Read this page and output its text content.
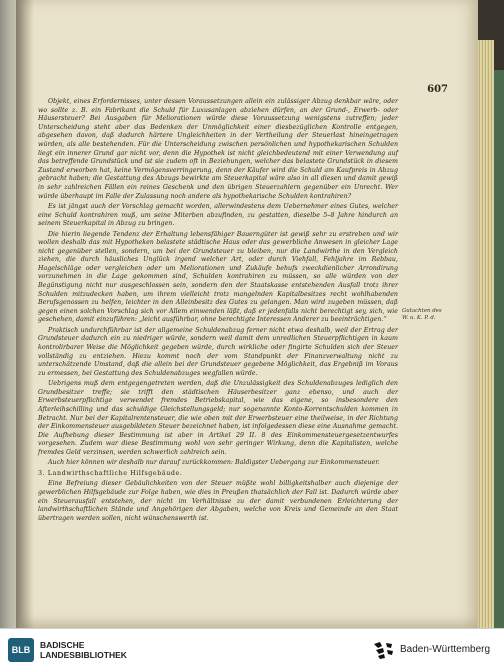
607

Objekt, eines Erfordernisses, unter dessen Voraussetzungen allein ein zulässiger Abzug denkbar wäre, oder wo sollte z. B. ein Fabrikant die Schuld für Luxusanlagen abziehen dürfen, an der Grund-, Erwerb- oder Häusersteuer? Bei Ausgaben für Meliorationen würde diese Voraussetzung wenigstens zutreffen; jeder Unterscheidung steht aber das Bedenken der Unmöglichkeit einer diesbezüglichen Kontrolle entgegen, abgesehen davon, daß dadurch härtere Ungleichheiten in der Vertheilung der Steuerlast hineingetragen würden, als alle bestehenden. Für die Unterscheidung zwischen persönlichen und hypothekarischen Schulden liegt ein innerer Grund gar nicht vor, denn die Hypothek ist nicht gleichbedeutend mit einer Verwendung auf das betreffende Grundstück und ist sie zudem oft in Beziehungen, welcher das belastete Grundstück in diesem Zustand erworben hat, keine Vermögensverringerung, denn der Käufer wird die Schuld am Kaufpreis in Abzug gebracht haben; die Gestattung des Abzugs bewirkte am Steuerkapital wäre also in all diesen und damit gewiß in sehr zahlreichen Fällen ein reines Geschenk und den übrigen Steuerzahlern gegenüber ein Unrecht. Wer würde überhaupt im Falle der Zulassung noch andere als hypothekarische Schulden kontrahiren?

Es ist jängst auch der Vorschlag gemacht worden, allerwindestens dem Uebernehmer eines Gutes, welcher eine Schuld kontrahiren muß, um seine Miterben abzufinden, zu gestatten, dieselbe 5–8 Jahre hindurch an seinem Steuerkapital in Abzug zu bringen.

Die hierin liegende Tendenz der Erhaltung lebensfähiger Bauerngüter ist gewiß sehr zu erstreben und wir wollen deshalb das mit Hypotheken belastete städtische Haus oder das gewerbliche Anwesen in gleicher Lage nicht gegenüber stellen, sondern, um bei der Grundsteuer zu bleiben, nur die Landwirthe in den Vergleich ziehen, die durch häusliches Unglück irgend welcher Art, oder durch Viehfall, Fehljahre im Rebbau, Hagelschläge oder vergleichen oder um Meliorationen und Zukäufe behufs zweckdienlicher Arrondirung vorzunehmen in die Lage gekommen sind, Schulden kontrahiren zu müssen, so alle würden von der Begünstigung nicht nur ausgeschlossen sein, sondern den der Staatskasse entstehenden Ausfall trotz ihrer Schulden mitzudecken haben, um ihrem vielleicht trotz mangelnden Kapitalbesitzes recht wohlhabenden Berufsgenossen zu helfen, leichter in den Alleinbesitz des Gutes zu gelangen. Man wird zugeben müssen, daß gegen einen solchen Vorschlag sich vor Allem einwenden läßt, daß er jedenfalls nicht berechtigt sey, sich, wie geschehen, damit einzuführen: „leicht ausführbar, ohne berechtigte Interessen Anderer zu beeinträchtigen.“

Praktisch undurchführbar ist der allgemeine Schuldenabzug ferner nicht etwa deshalb, weil der Ertrag der Grundsteuer dadurch ein zu niedriger würde, sondern weil damit dem unredlichen Steuerpflichtigen in kaum kontrolirbarer Weise die Möglichkeit gegeben würde, durch wirkliche oder fingirte Schulden sich der Steuer vollständig zu entziehen. Hiezu kommt noch der vom Standpunkt der Finanzverwaltung nicht zu unterschätzende Umstand, daß die allein bei der Grundsteuer gegebene Möglichkeit, das Ergebniß im Voraus zu ermessen, bei Gestattung des Schuldenabzuges wegfallen würde.

Uebrigens muß dem entgegengetreten werden, daß die Unzulässigkeit des Schuldenabzuges lediglich den Grundbesitzer treffe; sie trifft den städtischen Häuserbesitzer ganz ebenso, und auch der Erwerbsteuerpflichtige verwendet fremdes Betriebskapital, wie das eigene, so insbesondere den Afterleihschilling und das schuldige Gleichstellungsgeld; nur sogenannte Konto-Korrentschulden kommen in Betracht. Nur bei der Kapitalrentensteuer, die wie oben mit der Erwerbsteuer eine theilweise, in der Richtung der Einkommensteuer ausgebildeten Steuer bezeichnet haben, ist infolgedessen diese eine Ausnahme gemacht. Die Aufhebung dieser Bestimmung ist aber in Artikel 29 II. 8 des Einkommensteuergesetzentwurfes vorgesehen. Zudem war diese Bestimmung wohl von sehr geringer Wirkung, denn die Kapitalisten, welche fremdes Geld verzinsen, werden schwerlich zahlreich sein.

Auch hier können wir deshalb nur darauf zurückkommen: Baldigster Uebergang zur Einkommensteuer.

3. Landwirthschaftliche Hilfsgebäude.

Eine Befreiung dieser Gebäulichkeiten von der Steuer müßte wohl billigkeitshalber auch diejenige der gewerblichen Hilfsgebäude zur Folge haben, wie dies in Preußen thatsächlich der Fall ist. Dadurch würde aber ein Steuerausfall entstehen, der nicht im Verhältnisse zu der damit verbundenen Erleichterung der landwirthschaftlichen Stände und Angehörigen der Abgaben, welche von Kreis und Gemeinde an den Staat übertragen werden sollen, nicht wünschenswerth ist.

Gutachten des W. u. K. P. d.
BLB	BADISCHE
LANDESBIBLIOTHEK	Baden-Württemberg
